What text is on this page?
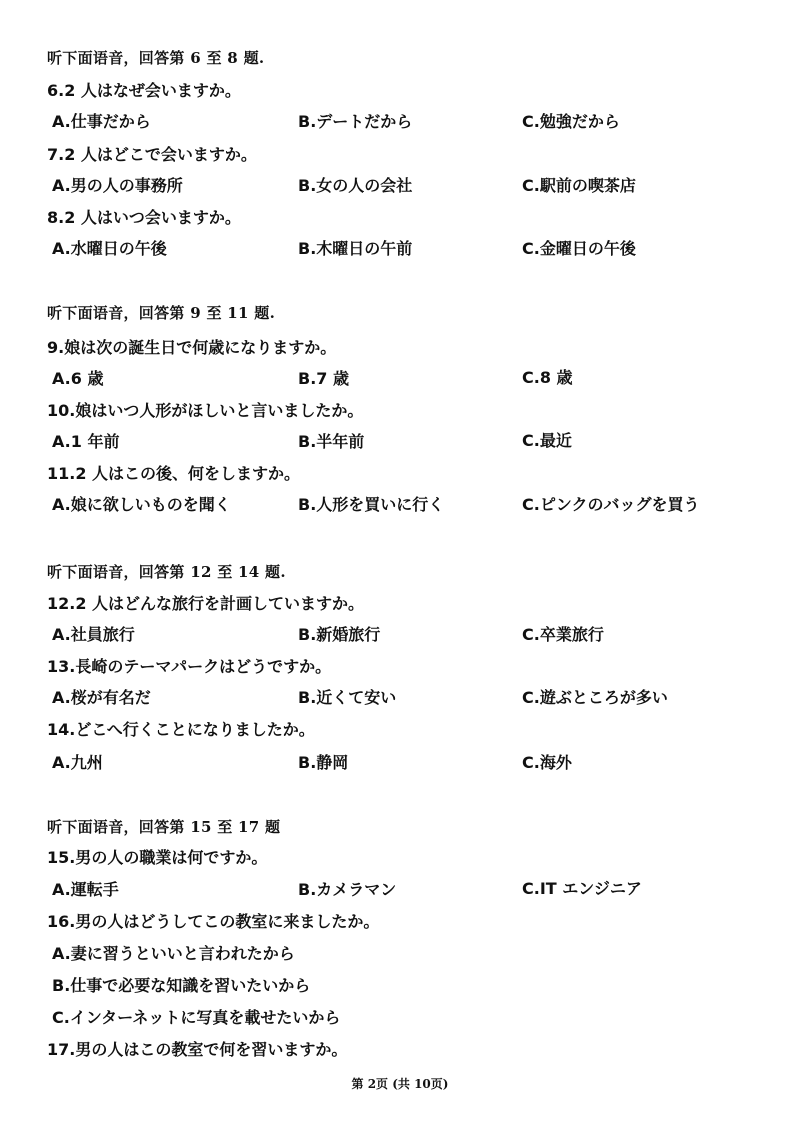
听下面语音，回答第 6 至 8 题.
6.2 人はなぜ会いますか。
A.仕事だから	B.デートだから	C.勉強だから
7.2 人はどこで会いますか。
A.男の人の事務所	B.女の人の会社	C.駅前の喫茶店
8.2 人はいつ会いますか。
A.水曜日の午後	B.木曜日の午前	C.金曜日の午後
听下面语音，回答第 9 至 11 题.
9.娘は次の誕生日で何歳になりますか。
A.6 歳	B.7 歳	C.8 歳
10.娘はいつ人形がほしいと言いましたか。
A.1 年前	B.半年前	C.最近
11.2 人はこの後、何をしますか。
A.娘に欲しいものを聞く	B.人形を買いに行く	C.ピンクのバッグを買う
听下面语音，回答第 12 至 14 题.
12.2 人はどんな旅行を計画していますか。
A.社員旅行	B.新婚旅行	C.卒業旅行
13.長崎のテーマパークはどうですか。
A.桜が有名だ	B.近くて安い	C.遊ぶところが多い
14.どこへ行くことになりましたか。
A.九州	B.静岡	C.海外
听下面语音，回答第 15 至 17 题
15.男の人の職業は何ですか。
A.運転手	B.カメラマン	C.IT エンジニア
16.男の人はどうしてこの教室に来ましたか。
A.妻に習うといいと言われたから
B.仕事で必要な知識を習いたいから
C.インターネットに写真を載せたいから
17.男の人はこの教室で何を習いますか。
第 2页 (共 10页)
